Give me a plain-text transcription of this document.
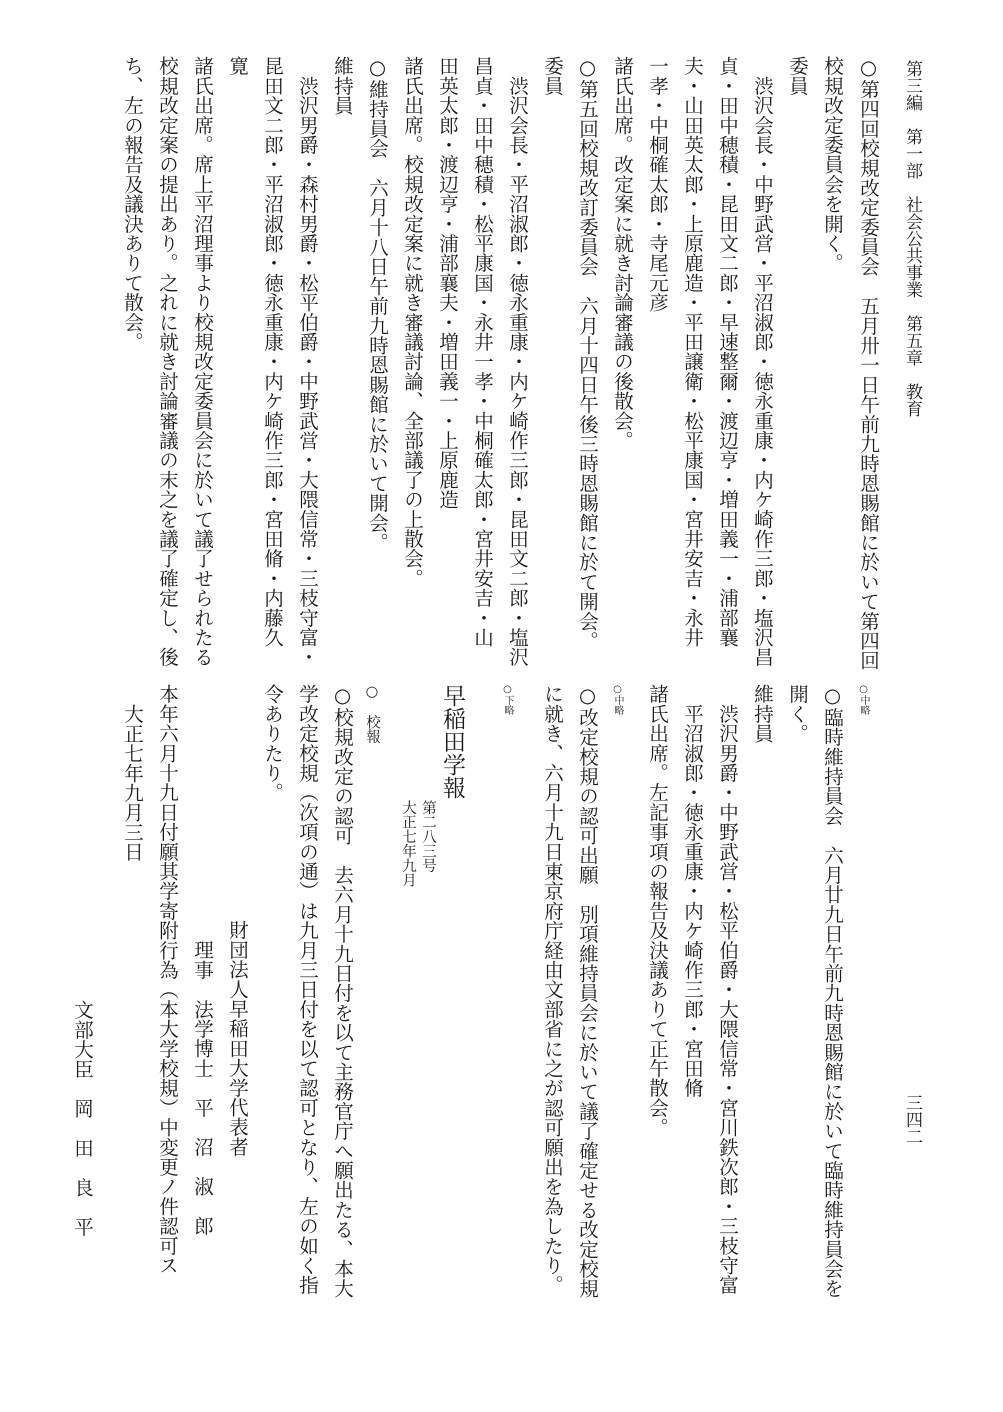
第三編　第一部　社会公共事業　第五章　教育
三四二
○第四回校規改定委員会　五月卅一日午前九時恩賜館に於いて第四回
校規改定委員会を開く。
委員
　渋沢会長・中野武営・平沼淑郎・徳永重康・内ケ崎作三郎・塩沢昌
貞・田中穂積・昆田文二郎・早速整爾・渡辺亨・増田義一・浦部襄
夫・山田英太郎・上原鹿造・平田譲衛・松平康国・宮井安吉・永井
一孝・中桐確太郎・寺尾元彦
諸氏出席。改定案に就き討論審議の後散会。
○第五回校規改訂委員会　六月十四日午後三時恩賜館に於て開会。
委員
　渋沢会長・平沼淑郎・徳永重康・内ケ崎作三郎・昆田文二郎・塩沢
昌貞・田中穂積・松平康国・永井一孝・中桐確太郎・宮井安吉・山
田英太郎・渡辺亨・浦部襄夫・増田義一・上原鹿造
諸氏出席。校規改定案に就き審議討論、全部議了の上散会。
○維持員会　六月十八日午前九時恩賜館に於いて開会。
維持員
　渋沢男爵・森村男爵・松平伯爵・中野武営・大隈信常・三枝守富・
昆田文二郎・平沼淑郎・徳永重康・内ケ崎作三郎・宮田脩・内藤久
寛
諸氏出席。席上平沼理事より校規改定委員会に於いて議了せられたる
校規改定案の提出あり。之れに就き討論審議の末之を議了確定し、後
ち、左の報告及議決ありて散会。
○中略
○臨時維持員会　六月廿九日午前九時恩賜館に於いて臨時維持員会を
開く。
維持員
　渋沢男爵・中野武営・松平伯爵・大隈信常・宮川鉄次郎・三枝守富
　平沼淑郎・徳永重康・内ケ崎作三郎・宮田脩
諸氏出席。左記事項の報告及決議ありて正午散会。
○中略
○改定校規の認可出願　別項維持員会に於いて議了確定せる改定校規
に就き、六月十九日東京府庁経由文部省に之が認可願出を為したり。
○下略
早稲田学報
第二八三号
大正七年九月
○　校報
○校規改定の認可　去六月十九日付を以て主務官庁へ願出たる、本大
学改定校規（次項の通）は九月三日付を以て認可となり、左の如く指
令ありたり。
財団法人早稲田大学代表者
理事　法学博士　平　沼　淑　郎
本年六月十九日付願其学寄附行為（本大学校規）中変更ノ件認可ス
大正七年九月三日
文部大臣　岡　田　良　平
